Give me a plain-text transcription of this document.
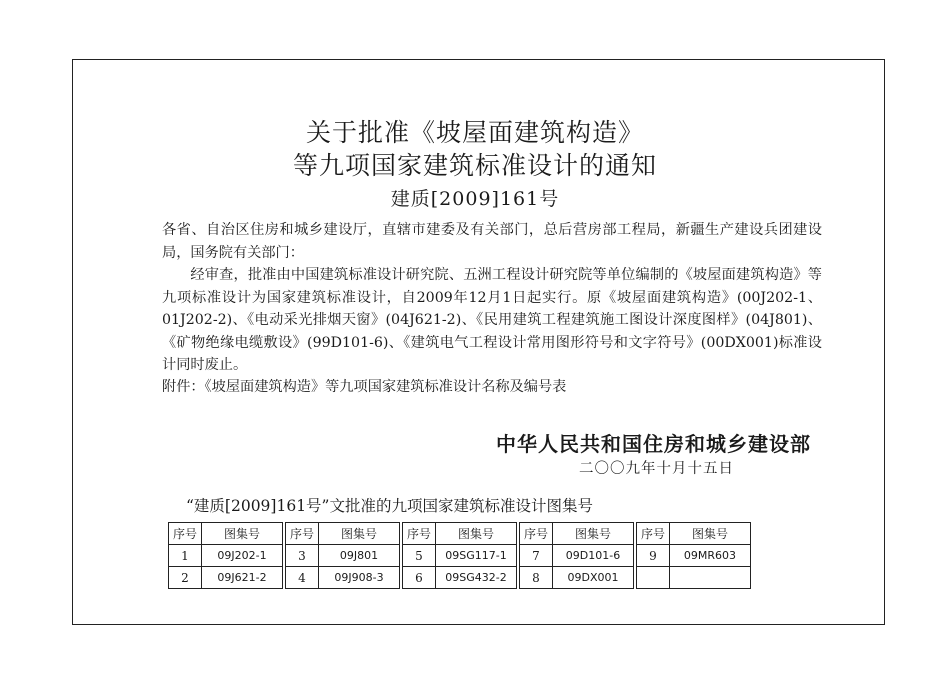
关于批准《坡屋面建筑构造》
等九项国家建筑标准设计的通知
建质[2009]161号
各省、自治区住房和城乡建设厅，直辖市建委及有关部门，总后营房部工程局，新疆生产建设兵团建设局，国务院有关部门：
经审查，批准由中国建筑标准设计研究院、五洲工程设计研究院等单位编制的《坡屋面建筑构造》等九项标准设计为国家建筑标准设计，自2009年12月1日起实行。原《坡屋面建筑构造》(00J202-1、01J202-2)、《电动采光排烟天窗》(04J621-2)、《民用建筑工程建筑施工图设计深度图样》(04J801)、《矿物绝缘电缆敷设》(99D101-6)、《建筑电气工程设计常用图形符号和文字符号》(00DX001)标准设计同时废止。
附件：《坡屋面建筑构造》等九项国家建筑标准设计名称及编号表
中华人民共和国住房和城乡建设部
二〇〇九年十月十五日
“建质[2009]161号”文批准的九项国家建筑标准设计图集号
序号	图集号		序号	图集号		序号	图集号		序号	图集号		序号	图集号
1	09J202-1		3	09J801		5	09SG117-1		7	09D101-6		9	09MR603
2	09J621-2		4	09J908-3		6	09SG432-2		8	09DX001			
